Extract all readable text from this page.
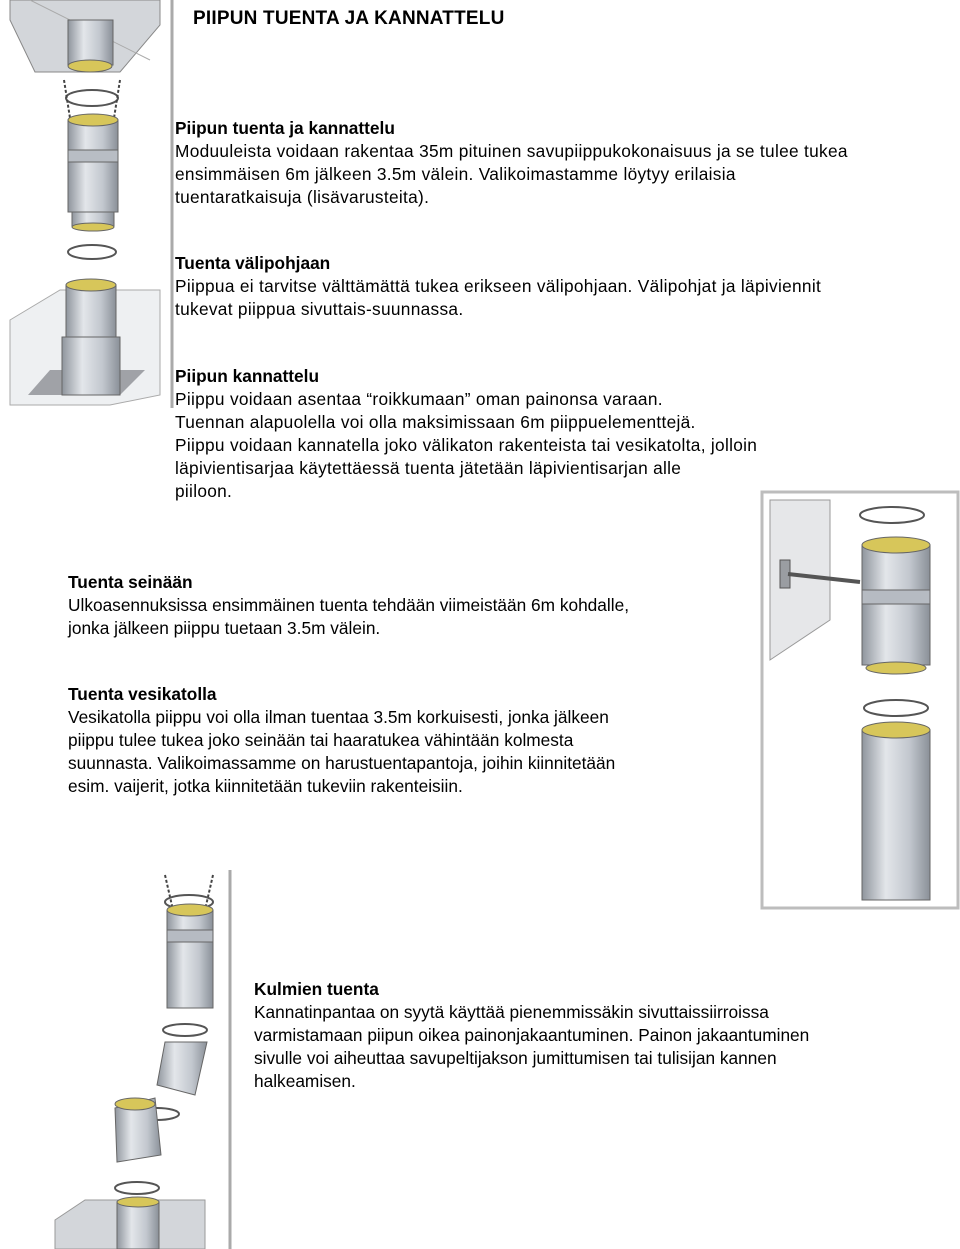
PIIPUN TUENTA JA KANNATTELU
Piipun tuenta ja kannattelu
Moduuleista voidaan rakentaa 35m pituinen savupiippukokonaisuus ja se tulee tukea
ensimmäisen 6m jälkeen 3.5m välein. Valikoimastamme löytyy erilaisia
tuentaratkaisuja (lisävarusteita).
Tuenta välipohjaan
Piippua ei tarvitse välttämättä tukea erikseen välipohjaan. Välipohjat ja läpiviennit
tukevat piippua sivuttais-suunnassa.
Piipun kannattelu
Piippu voidaan asentaa “roikkumaan” oman painonsa varaan.
Tuennan alapuolella voi olla maksimissaan 6m piippuelementtejä.
Piippu voidaan kannatella joko välikaton rakenteista tai vesikatolta, jolloin
läpivientisarjaa käytettäessä tuenta jätetään läpivientisarjan alle
piiloon.
Tuenta seinään
Ulkoasennuksissa ensimmäinen tuenta tehdään viimeistään 6m kohdalle,
jonka jälkeen piippu tuetaan 3.5m välein.
Tuenta vesikatolla
Vesikatolla piippu voi olla ilman tuentaa 3.5m korkuisesti, jonka jälkeen
piippu tulee tukea joko seinään tai haaratukea vähintään kolmesta
suunnasta. Valikoimassamme on harustuentapantoja, joihin kiinnitetään
esim. vaijerit, jotka kiinnitetään tukeviin rakenteisiin.
Kulmien tuenta
Kannatinpantaa on syytä käyttää pienemmissäkin sivuttaissiirroissa
varmistamaan piipun oikea painonjakaantuminen. Painon jakaantuminen
sivulle voi aiheuttaa savupeltijakson jumittumisen tai tulisijan kannen
halkeamisen.
